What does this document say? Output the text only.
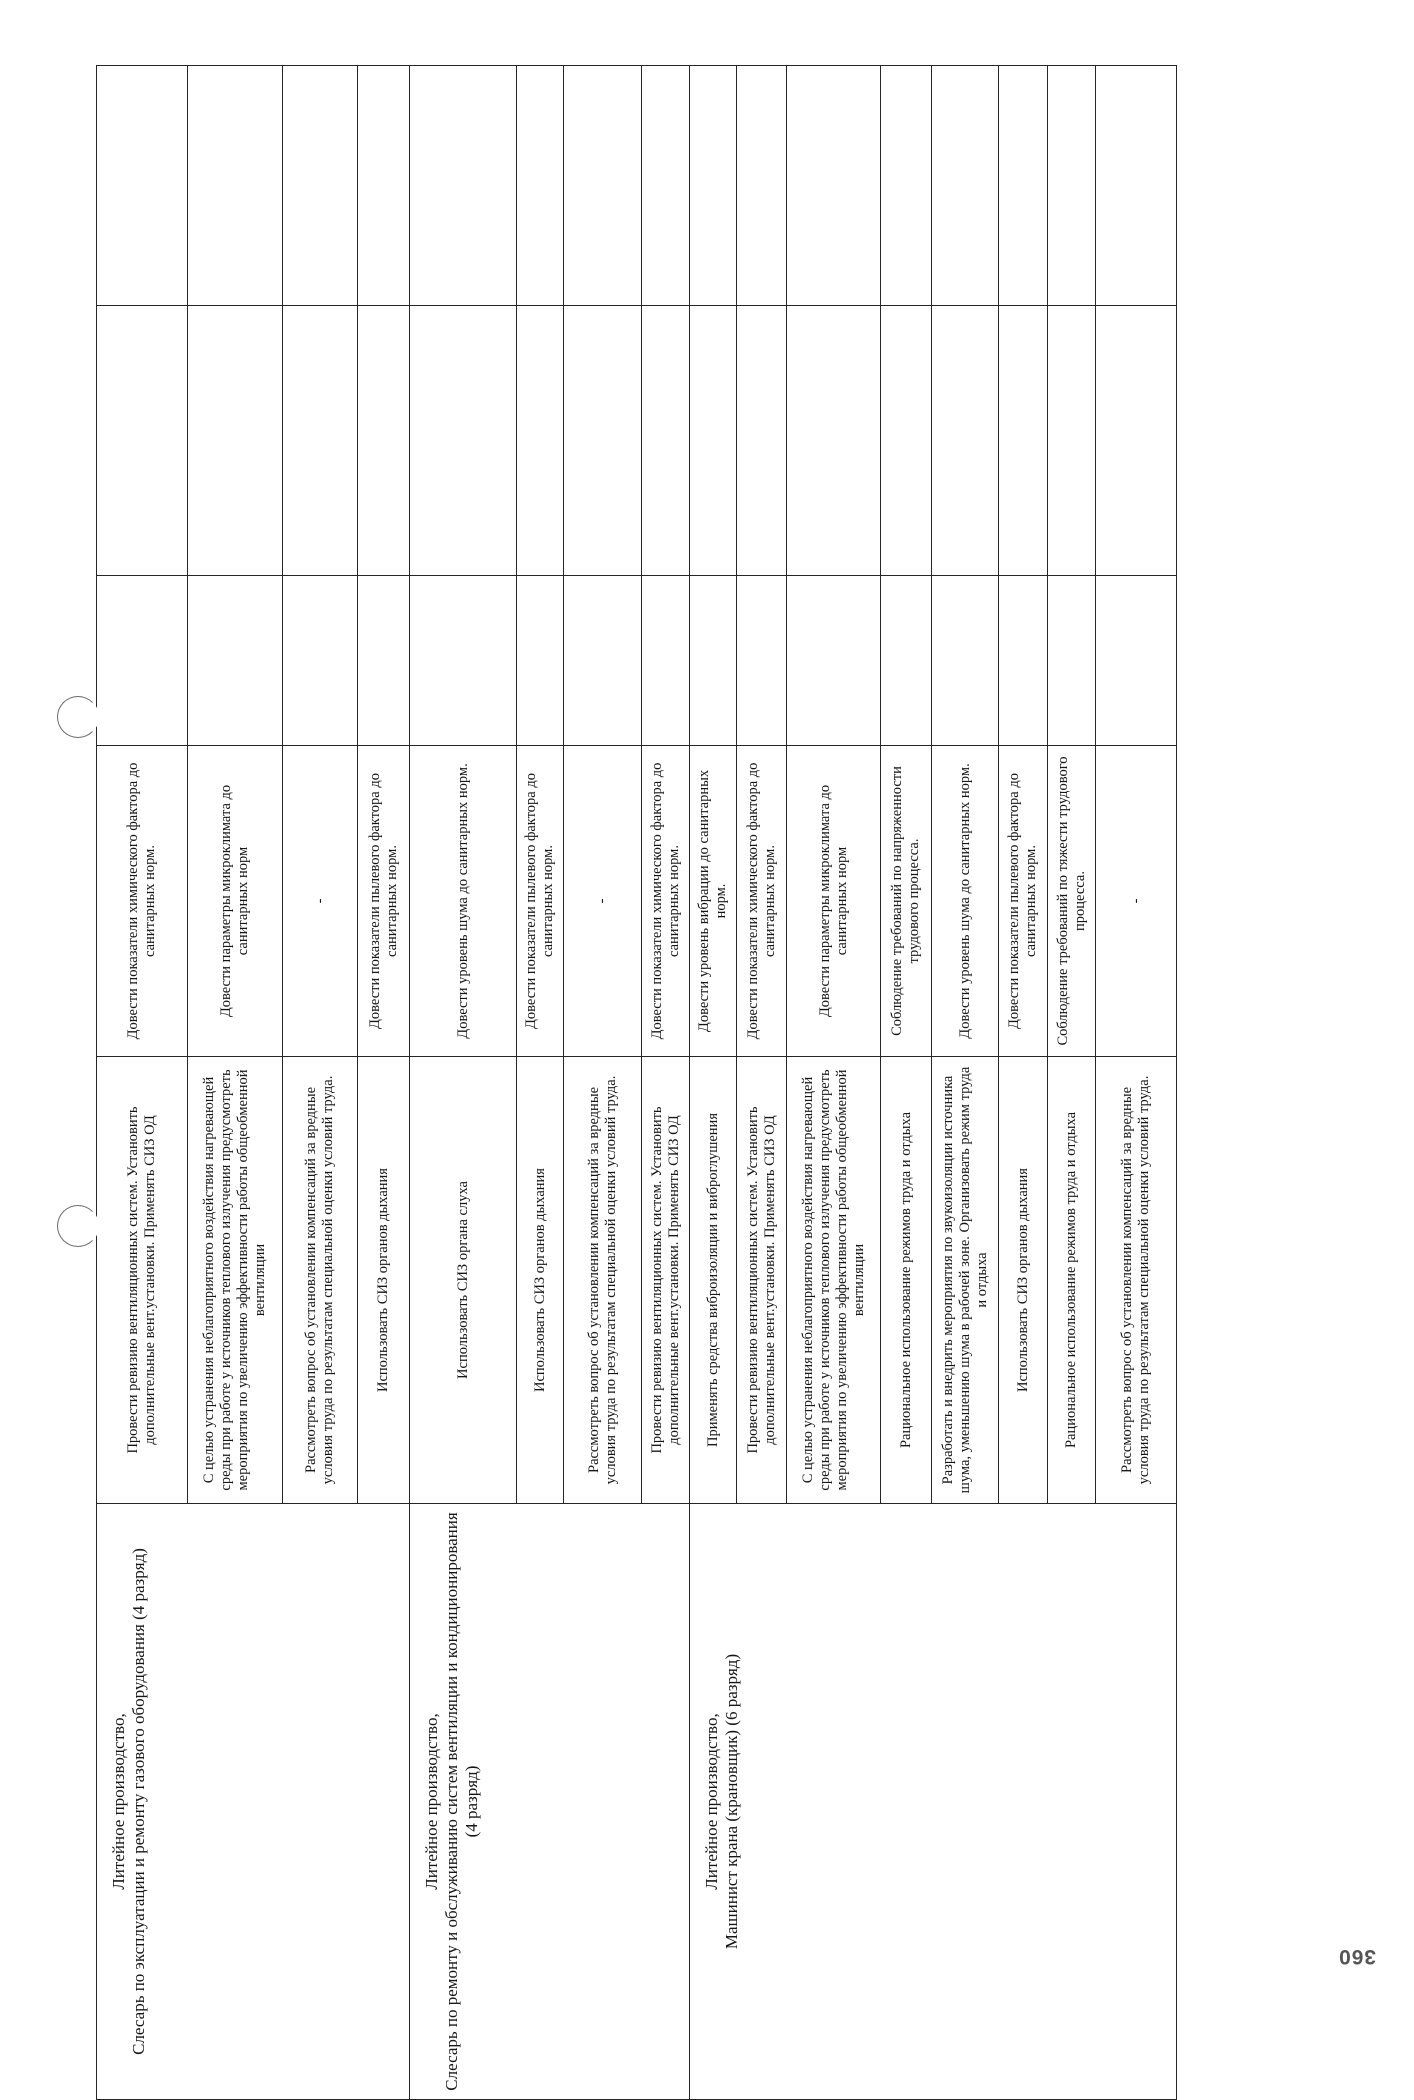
Литейное производство,
Слесарь по эксплуатации и ремонту газового оборудования (4 разряд)	Провести ревизию вентиляционных систем. Установить дополнительные вент.установки. Применять СИЗ ОД	Довести показатели химического фактора до санитарных норм.			
	С целью устранения неблагоприятного воздействия нагревающей среды при работе у источников теплового излучения предусмотреть мероприятия по увеличению эффективности работы общеобменной вентиляции	Довести параметры микроклимата до санитарных норм			
	Рассмотреть вопрос об установлении компенсаций за вредные условия труда по результатам специальной оценки условий труда.	-			
	Использовать СИЗ органов дыхания	Довести показатели пылевого фактора до санитарных норм.			
Литейное производство,
Слесарь по ремонту и обслуживанию систем вентиляции и кондиционирования (4 разряд)	Использовать СИЗ органа слуха	Довести уровень шума до санитарных норм.			
	Использовать СИЗ органов дыхания	Довести показатели пылевого фактора до санитарных норм.			
	Рассмотреть вопрос об установлении компенсаций за вредные условия труда по результатам специальной оценки условий труда.	-			
	Провести ревизию вентиляционных систем. Установить дополнительные вент.установки. Применять СИЗ ОД	Довести показатели химического фактора до санитарных норм.			
Литейное производство,
Машинист крана (крановщик) (6 разряд)	Применять средства виброизоляции и виброглушения	Довести уровень вибрации до санитарных норм.			
	Провести ревизию вентиляционных систем. Установить дополнительные вент.установки. Применять СИЗ ОД	Довести показатели химического фактора до санитарных норм.			
	С целью устранения неблагоприятного воздействия нагревающей среды при работе у источников теплового излучения предусмотреть мероприятия по увеличению эффективности работы общеобменной вентиляции	Довести параметры микроклимата до санитарных норм			
	Рациональное использование режимов труда и отдыха	Соблюдение требований по напряженности трудового процесса.			
	Разработать и внедрить мероприятия по звукоизоляции источника шума, уменьшению шума в рабочей зоне. Организовать режим труда и отдыха	Довести уровень шума до санитарных норм.			
	Использовать СИЗ органов дыхания	Довести показатели пылевого фактора до санитарных норм.			
	Рациональное использование режимов труда и отдыха	Соблюдение требований по тяжести трудового процесса.			
	Рассмотреть вопрос об установлении компенсаций за вредные условия труда по результатам специальной оценки условий труда.	-			
360
